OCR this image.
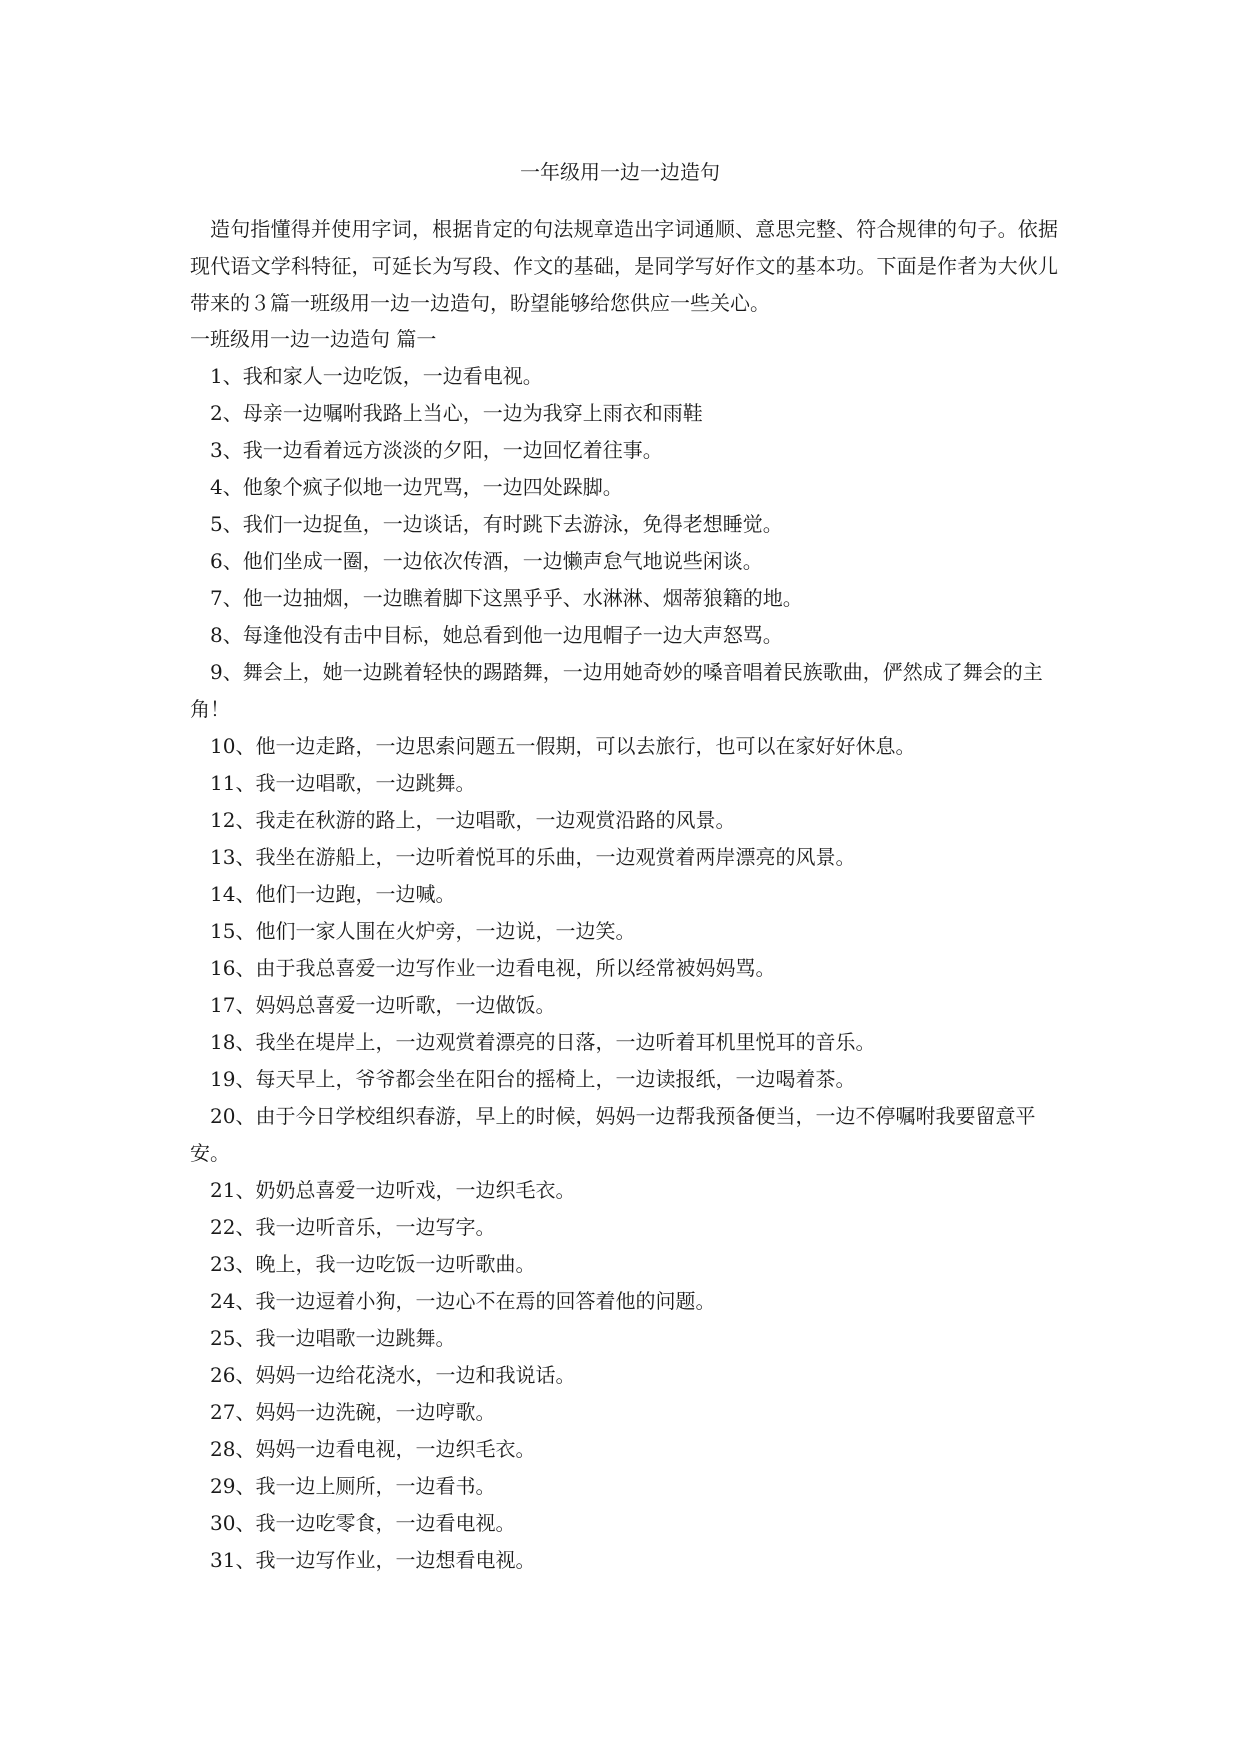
一年级用一边一边造句

造句指懂得并使用字词，根据肯定的句法规章造出字词通顺、意思完整、符合规律的句子。依据现代语文学科特征，可延长为写段、作文的基础，是同学写好作文的基本功。下面是作者为大伙儿带来的３篇一班级用一边一边造句，盼望能够给您供应一些关心。

一班级用一边一边造句 篇一
1、我和家人一边吃饭，一边看电视。
2、母亲一边嘱咐我路上当心，一边为我穿上雨衣和雨鞋
3、我一边看着远方淡淡的夕阳，一边回忆着往事。
4、他象个疯子似地一边咒骂，一边四处跺脚。
5、我们一边捉鱼，一边谈话，有时跳下去游泳，免得老想睡觉。
6、他们坐成一圈，一边依次传酒，一边懒声怠气地说些闲谈。
7、他一边抽烟，一边瞧着脚下这黑乎乎、水淋淋、烟蒂狼籍的地。
8、每逢他没有击中目标，她总看到他一边甩帽子一边大声怒骂。
9、舞会上，她一边跳着轻快的踢踏舞，一边用她奇妙的嗓音唱着民族歌曲，俨然成了舞会的主角！
10、他一边走路，一边思索问题五一假期，可以去旅行，也可以在家好好休息。
11、我一边唱歌，一边跳舞。
12、我走在秋游的路上，一边唱歌，一边观赏沿路的风景。
13、我坐在游船上，一边听着悦耳的乐曲，一边观赏着两岸漂亮的风景。
14、他们一边跑，一边喊。
15、他们一家人围在火炉旁，一边说，一边笑。
16、由于我总喜爱一边写作业一边看电视，所以经常被妈妈骂。
17、妈妈总喜爱一边听歌，一边做饭。
18、我坐在堤岸上，一边观赏着漂亮的日落，一边听着耳机里悦耳的音乐。
19、每天早上，爷爷都会坐在阳台的摇椅上，一边读报纸，一边喝着茶。
20、由于今日学校组织春游，早上的时候，妈妈一边帮我预备便当，一边不停嘱咐我要留意平安。
21、奶奶总喜爱一边听戏，一边织毛衣。
22、我一边听音乐，一边写字。
23、晚上，我一边吃饭一边听歌曲。
24、我一边逗着小狗，一边心不在焉的回答着他的问题。
25、我一边唱歌一边跳舞。
26、妈妈一边给花浇水，一边和我说话。
27、妈妈一边洗碗，一边哼歌。
28、妈妈一边看电视，一边织毛衣。
29、我一边上厕所，一边看书。
30、我一边吃零食，一边看电视。
31、我一边写作业，一边想看电视。
